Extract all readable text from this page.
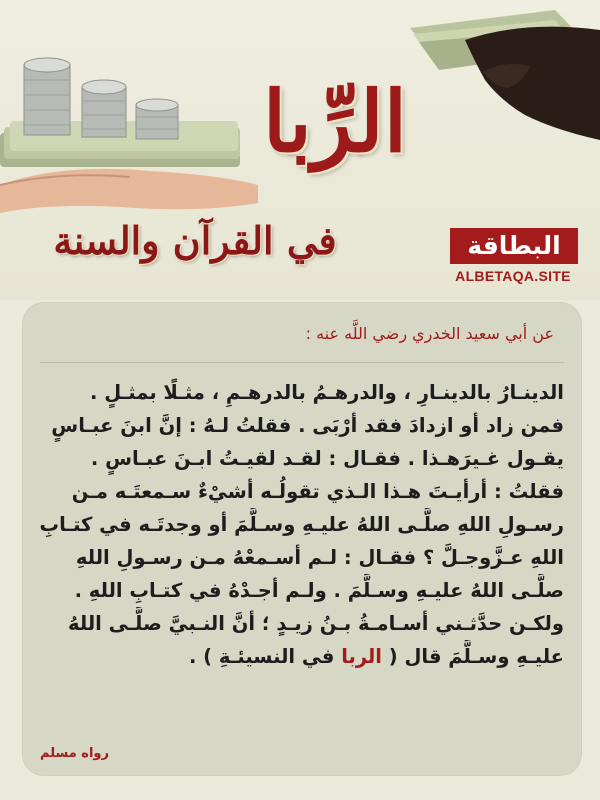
الرِّبا
في القرآن والسنة	البطاقة
ALBETAQA.SITE
عن أبي سعيد الخدري رضي اللَّه عنه :
الدينـارُ بالدينـارِ ، والدرهـمُ بالدرهـمِ ، مثـلًا بمثـلٍ .
فمن زاد أو ازدادَ فقد أرْبَى . فقلتُ لـهُ : إنَّ ابنَ عبـاسٍ
يقـول غـيرَهـذا . فقـال : لقـد لقيـتُ ابـنَ عبـاسٍ .
فقلتُ : أرأيـتَ هـذا الـذي تقولُـه أشيْءٌ سـمعتَـه مـن
رسـولِ اللهِ صلَّـى اللهُ عليـهِ وسـلَّمَ أو وجدتَـه في كتـابِ
اللهِ عـزَّوجـلَّ ؟ فقـال : لـم أسـمعْهُ مـن رسـولِ اللهِ
صلَّـى اللهُ عليـهِ وسـلَّمَ . ولـم أجـدْهُ في كتـابِ اللهِ .
ولكـن حدَّثـني أسـامـةُ بـنُ زيـدٍ ؛ أنَّ النـبيَّ صلَّـى اللهُ
عليـهِ وسـلَّمَ قال ( الربا في النسيئـةِ ) .
رواه مسلم
